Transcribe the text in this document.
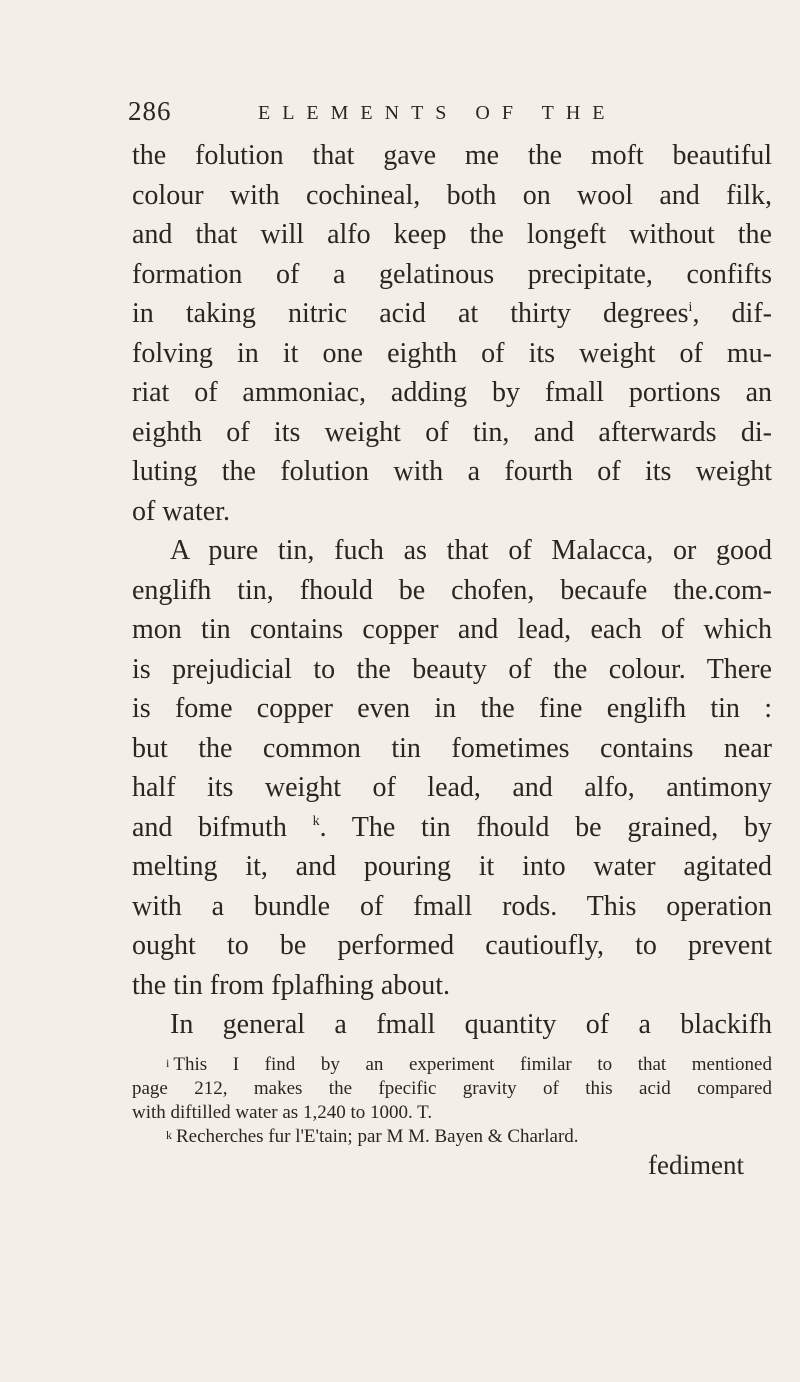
286	ELEMENTS OF THE
the folution that gave me the moft beautiful
colour with cochineal, both on wool and filk,
and that will alfo keep the longeft without the
formation of a gelatinous precipitate, confifts
in taking nitric acid at thirty degrees$^i$, dif-
folving in it one eighth of its weight of mu-
riat of ammoniac, adding by fmall portions an
eighth of its weight of tin, and afterwards di-
luting the folution with a fourth of its weight
of water.
A pure tin, fuch as that of Malacca, or good
englifh tin, fhould be chofen, becaufe the.com-
mon tin contains copper and lead, each of which
is prejudicial to the beauty of the colour. There
is fome copper even in the fine englifh tin :
but the common tin fometimes contains near
half its weight of lead, and alfo, antimony
and bifmuth $^k$. The tin fhould be grained, by
melting it, and pouring it into water agitated
with a bundle of fmall rods. This operation
ought to be performed cautioufly, to prevent
the tin from fplafhing about.
In general a fmall quantity of a blackifh
$^i$ This I find by an experiment fimilar to that mentioned
page 212, makes the fpecific gravity of this acid compared
with diftilled water as 1,240 to 1000. T.
$^k$ Recherches fur l'E'tain; par M M. Bayen & Charlard.
fediment
